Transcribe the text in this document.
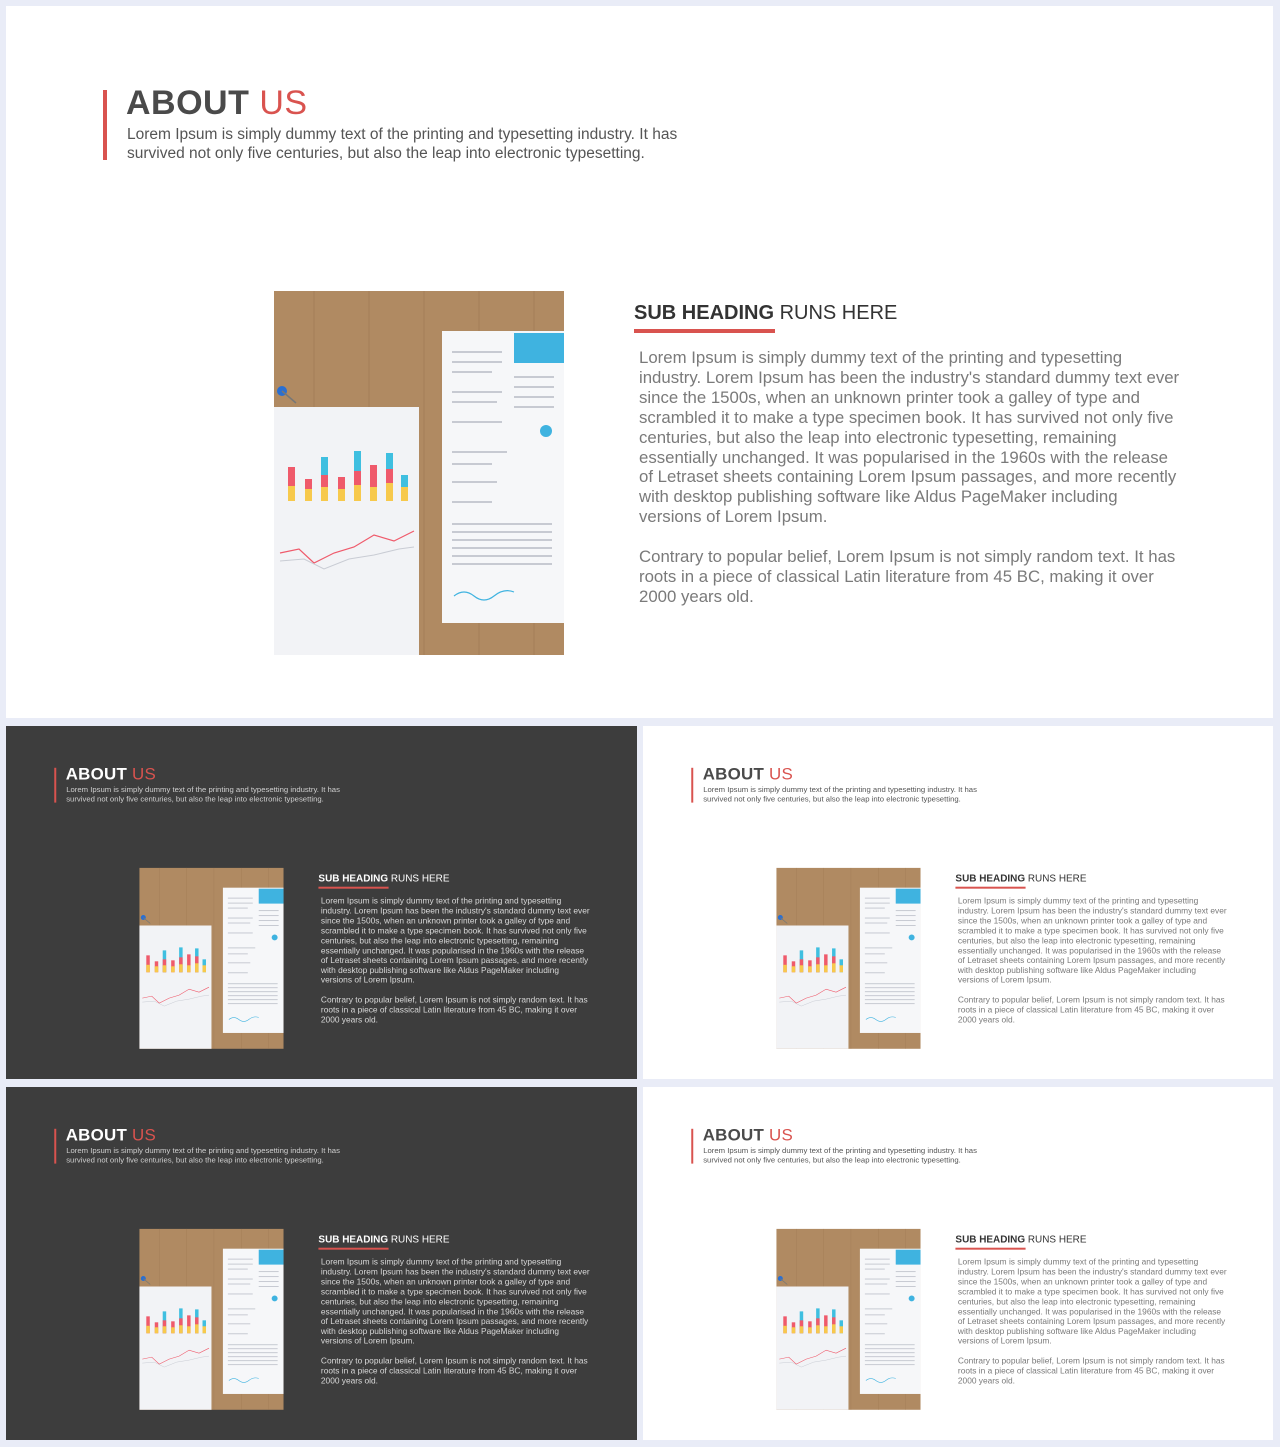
ABOUT US
Lorem Ipsum is simply dummy text of the printing and typesetting industry. It has survived not only five centuries, but also the leap into electronic typesetting.
SUB HEADING RUNS HERE

Lorem Ipsum is simply dummy text of the printing and typesetting industry. Lorem Ipsum has been the industry's standard dummy text ever since the 1500s, when an unknown printer took a galley of type and scrambled it to make a type specimen book. It has survived not only five centuries, but also the leap into electronic typesetting, remaining essentially unchanged. It was popularised in the 1960s with the release of Letraset sheets containing Lorem Ipsum passages, and more recently with desktop publishing software like Aldus PageMaker including versions of Lorem Ipsum.

Contrary to popular belief, Lorem Ipsum is not simply random text. It has roots in a piece of classical Latin literature from 45 BC, making it over 2000 years old.

ABOUT US
Lorem Ipsum is simply dummy text of the printing and typesetting industry. It has survived not only five centuries, but also the leap into electronic typesetting.
SUB HEADING RUNS HERE

Lorem Ipsum is simply dummy text of the printing and typesetting industry. Lorem Ipsum has been the industry's standard dummy text ever since the 1500s, when an unknown printer took a galley of type and scrambled it to make a type specimen book. It has survived not only five centuries, but also the leap into electronic typesetting, remaining essentially unchanged. It was popularised in the 1960s with the release of Letraset sheets containing Lorem Ipsum passages, and more recently with desktop publishing software like Aldus PageMaker including versions of Lorem Ipsum.

Contrary to popular belief, Lorem Ipsum is not simply random text. It has roots in a piece of classical Latin literature from 45 BC, making it over 2000 years old.

ABOUT US
Lorem Ipsum is simply dummy text of the printing and typesetting industry. It has survived not only five centuries, but also the leap into electronic typesetting.
SUB HEADING RUNS HERE

Lorem Ipsum is simply dummy text of the printing and typesetting industry. Lorem Ipsum has been the industry's standard dummy text ever since the 1500s, when an unknown printer took a galley of type and scrambled it to make a type specimen book. It has survived not only five centuries, but also the leap into electronic typesetting, remaining essentially unchanged. It was popularised in the 1960s with the release of Letraset sheets containing Lorem Ipsum passages, and more recently with desktop publishing software like Aldus PageMaker including versions of Lorem Ipsum.

Contrary to popular belief, Lorem Ipsum is not simply random text. It has roots in a piece of classical Latin literature from 45 BC, making it over 2000 years old.

ABOUT US
Lorem Ipsum is simply dummy text of the printing and typesetting industry. It has survived not only five centuries, but also the leap into electronic typesetting.
SUB HEADING RUNS HERE

Lorem Ipsum is simply dummy text of the printing and typesetting industry. Lorem Ipsum has been the industry's standard dummy text ever since the 1500s, when an unknown printer took a galley of type and scrambled it to make a type specimen book. It has survived not only five centuries, but also the leap into electronic typesetting, remaining essentially unchanged. It was popularised in the 1960s with the release of Letraset sheets containing Lorem Ipsum passages, and more recently with desktop publishing software like Aldus PageMaker including versions of Lorem Ipsum.

Contrary to popular belief, Lorem Ipsum is not simply random text. It has roots in a piece of classical Latin literature from 45 BC, making it over 2000 years old.

ABOUT US
Lorem Ipsum is simply dummy text of the printing and typesetting industry. It has survived not only five centuries, but also the leap into electronic typesetting.
SUB HEADING RUNS HERE

Lorem Ipsum is simply dummy text of the printing and typesetting industry. Lorem Ipsum has been the industry's standard dummy text ever since the 1500s, when an unknown printer took a galley of type and scrambled it to make a type specimen book. It has survived not only five centuries, but also the leap into electronic typesetting, remaining essentially unchanged. It was popularised in the 1960s with the release of Letraset sheets containing Lorem Ipsum passages, and more recently with desktop publishing software like Aldus PageMaker including versions of Lorem Ipsum.

Contrary to popular belief, Lorem Ipsum is not simply random text. It has roots in a piece of classical Latin literature from 45 BC, making it over 2000 years old.
